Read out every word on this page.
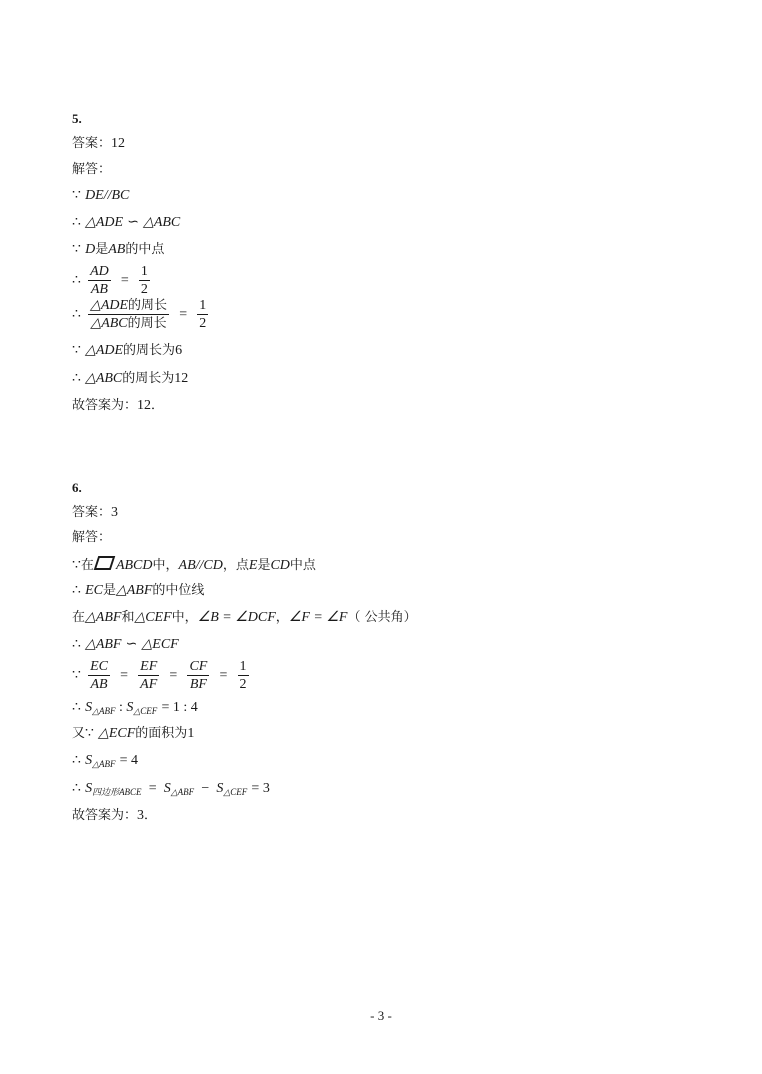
5.
答案：12
解答：
∵ DE//BC
∴ △ADE ∽ △ABC
∵ D是AB的中点
∴ $\frac{AD}{AB} = \frac{1}{2}$
∴ $\frac{\text{△ADE的周长}}{\text{△ABC的周长}} = \frac{1}{2}$
∵ △ADE的周长为6
∴ △ABC的周长为12
故答案为：12．
6.
答案：3
解答：
∵在 ABCD中，AB//CD，点E是CD中点
∴ EC是△ABF的中位线
在△ABF和△CEF中，∠B = ∠DCF，∠F = ∠F（ 公共角）
∴ △ABF ∽ △ECF
∵ $\frac{EC}{AB} = \frac{EF}{AF} = \frac{CF}{BF} = \frac{1}{2}$
∴ $S_{\triangle ABF}$ : $S_{\triangle CEF} = 1$ : 4
又∵ △ECF的面积为1
∴ $S_{\triangle ABF} = 4$
∴ $S_{四边形ABCE} = S_{\triangle ABF} - S_{\triangle CEF} = 3$
故答案为：3．
- 3 -
